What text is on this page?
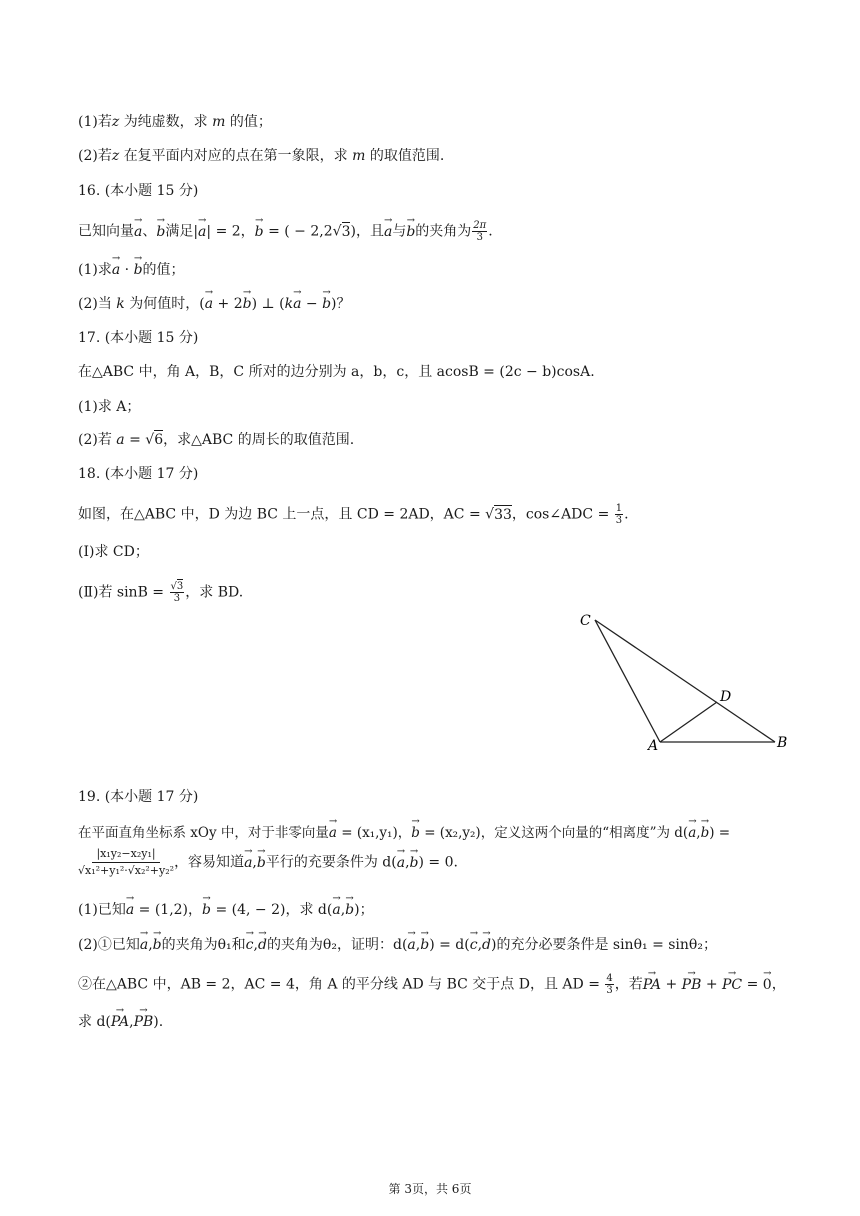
(1)若z 为纯虚数，求 m 的值；
(2)若z 在复平面内对应的点在第一象限，求 m 的取值范围.
16. (本小题 15 分)
已知向量→ a、→ b满足|→ a| = 2，→ b = ( − 2,2√3)，且→ a与→ b的夹角为 $\frac{2\pi}{3}$ .
(1)求→ a · → b的值；
(2)当 k 为何值时，(→ a + 2→ b) ⊥ (k→ a − → b)？
17. (本小题 15 分)
在△ABC 中，角 A，B，C 所对的边分别为 a，b，c，且 acosB = (2c − b)cosA.
(1)求 A；
(2)若 a = √6，求△ABC 的周长的取值范围.
18. (本小题 17 分)
如图，在△ABC 中，D 为边 BC 上一点，且 CD = 2AD，AC = √33，cos∠ADC = $\frac{1}{3}$ .
(Ⅰ)求 CD；
(Ⅱ)若 $\sin B = \frac{√3}{3}$ ，求 BD.
C
D
A	B
19. (本小题 17 分)
在平面直角坐标系 xOy 中，对于非零向量→ a = (x₁,y₁)，→ b = (x₂,y₂)，定义这两个向量的“相离度”为 d(→ a,→ b) =
$\frac{\text{|x₁y₂−x₂y₁|}}{\text{√x₁²+y₁²·√x₂²+y₂²}}$ ，容易知道→ a,→ b平行的充要条件为 d(→ a,→ b) = 0.
(1)已知→ a = (1,2)，→ b = (4, − 2)，求 d(→ a,→ b)；
(2)①已知→ a,→ b的夹角为θ₁和→ c,→ d的夹角为θ₂，证明：d(→ a,→ b) = d(→ c,→ d)的充分必要条件是 sinθ₁ = sinθ₂；
②在△ABC 中，AB = 2，AC = 4，角 A 的平分线 AD 与 BC 交于点 D，且 AD = $\frac{4}{3}$ ，若→ PA + → PB + → PC = → 0，
求 d(→ PA,→ PB).
第 3页，共 6页
